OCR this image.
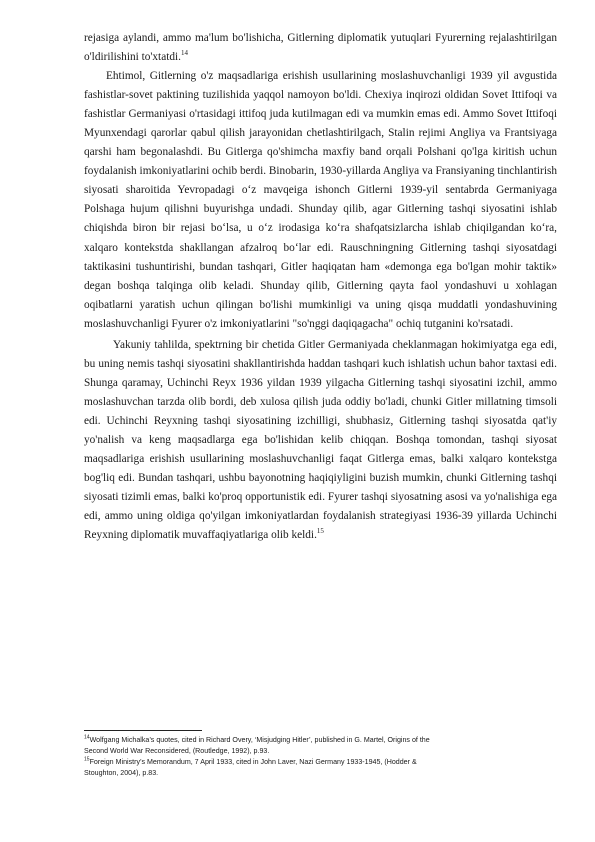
rejasiga aylandi, ammo ma'lum bo'lishicha, Gitlerning diplomatik yutuqlari Fyurerning rejalashtirilgan o'ldirilishini to'xtatdi.$^{14}$

Ehtimol, Gitlerning o'z maqsadlariga erishish usullarining moslashuvchanligi 1939 yil avgustida fashistlar-sovet paktining tuzilishida yaqqol namoyon bo'ldi. Chexiya inqirozi oldidan Sovet Ittifoqi va fashistlar Germaniyasi o'rtasidagi ittifoq juda kutilmagan edi va mumkin emas edi. Ammo Sovet Ittifoqi Myunxendagi qarorlar qabul qilish jarayonidan chetlashtirilgach, Stalin rejimi Angliya va Frantsiyaga qarshi ham begonalashdi. Bu Gitlerga qo'shimcha maxfiy band orqali Polshani qo'lga kiritish uchun foydalanish imkoniyatlarini ochib berdi. Binobarin, 1930-yillarda Angliya va Fransiyaning tinchlantirish siyosati sharoitida Yevropadagi o‘z mavqeiga ishonch Gitlerni 1939-yil sentabrda Germaniyaga Polshaga hujum qilishni buyurishga undadi. Shunday qilib, agar Gitlerning tashqi siyosatini ishlab chiqishda biron bir rejasi bo‘lsa, u o‘z irodasiga ko‘ra shafqatsizlarcha ishlab chiqilgandan ko‘ra, xalqaro kontekstda shakllangan afzalroq bo‘lar edi. Rauschningning Gitlerning tashqi siyosatdagi taktikasini tushuntirishi, bundan tashqari, Gitler haqiqatan ham «demonga ega bo'lgan mohir taktik» degan boshqa talqinga olib keladi. Shunday qilib, Gitlerning qayta faol yondashuvi u xohlagan oqibatlarni yaratish uchun qilingan bo'lishi mumkinligi va uning qisqa muddatli yondashuvining moslashuvchanligi Fyurer o'z imkoniyatlarini "so'nggi daqiqagacha" ochiq tutganini ko'rsatadi.

Yakuniy tahlilda, spektrning bir chetida Gitler Germaniyada cheklanmagan hokimiyatga ega edi, bu uning nemis tashqi siyosatini shakllantirishda haddan tashqari kuch ishlatish uchun bahor taxtasi edi. Shunga qaramay, Uchinchi Reyx 1936 yildan 1939 yilgacha Gitlerning tashqi siyosatini izchil, ammo moslashuvchan tarzda olib bordi, deb xulosa qilish juda oddiy bo'ladi, chunki Gitler millatning timsoli edi. Uchinchi Reyxning tashqi siyosatining izchilligi, shubhasiz, Gitlerning tashqi siyosatda qat'iy yo'nalish va keng maqsadlarga ega bo'lishidan kelib chiqqan. Boshqa tomondan, tashqi siyosat maqsadlariga erishish usullarining moslashuvchanligi faqat Gitlerga emas, balki xalqaro kontekstga bog'liq edi. Bundan tashqari, ushbu bayonotning haqiqiyligini buzish mumkin, chunki Gitlerning tashqi siyosati tizimli emas, balki ko'proq opportunistik edi. Fyurer tashqi siyosatning asosi va yo'nalishiga ega edi, ammo uning oldiga qo'yilgan imkoniyatlardan foydalanish strategiyasi 1936-39 yillarda Uchinchi Reyxning diplomatik muvaffaqiyatlariga olib keldi.$^{15}$

$^{14}$Wolfgang Michalka’s quotes, cited in Richard Overy, ‘Misjudging Hitler’, published in G. Martel, Origins of the

Second World War Reconsidered, (Routledge, 1992), p.93.

$^{15}$Foreign Ministry’s Memorandum, 7 April 1933, cited in John Laver, Nazi Germany 1933-1945, (Hodder &

Stoughton, 2004), p.83.
